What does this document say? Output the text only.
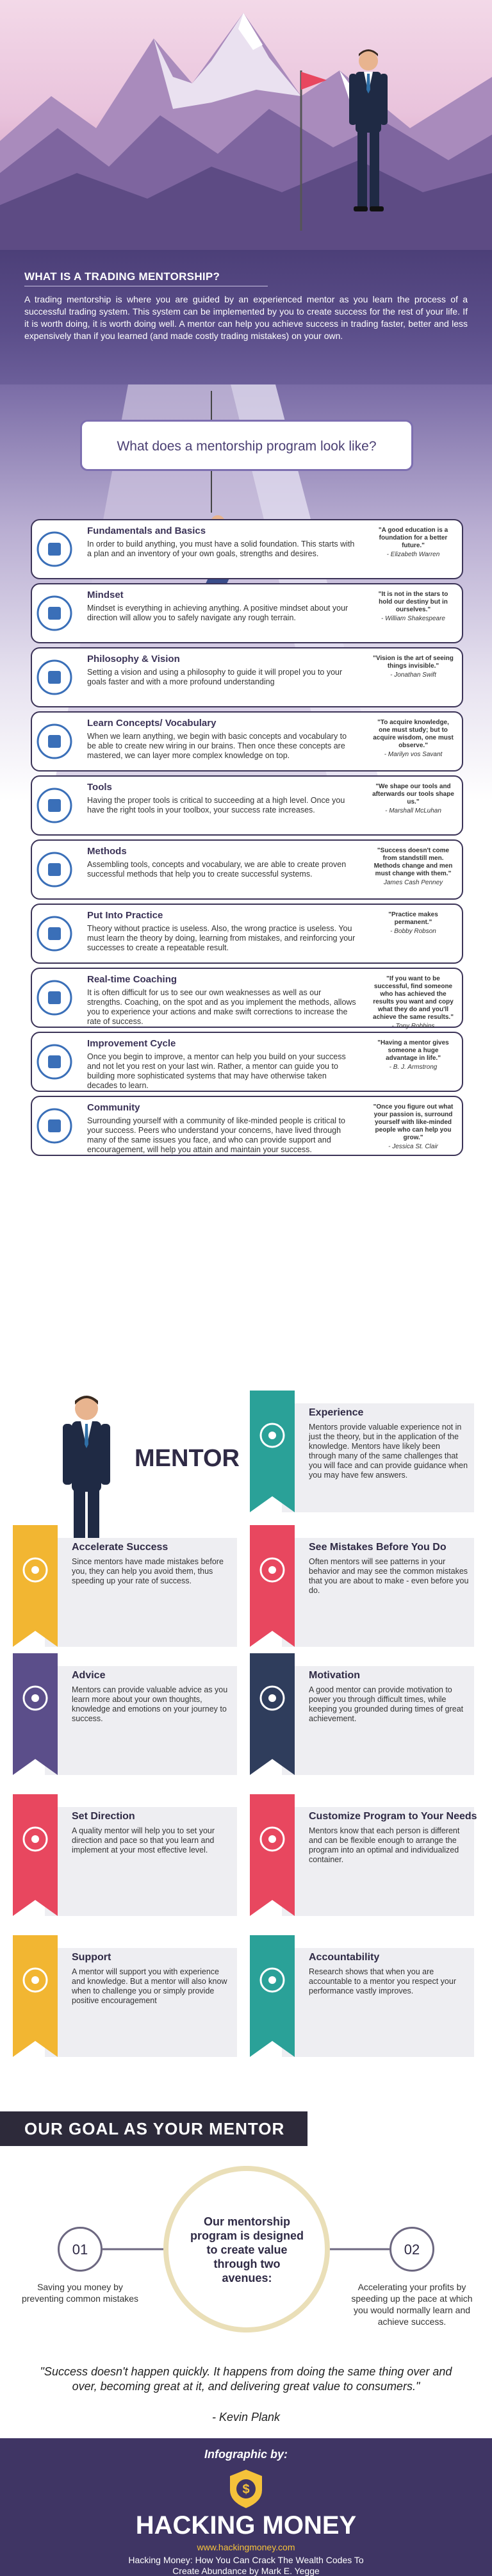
WHAT IS A TRADING MENTORSHIP?

A trading mentorship is where you are guided by an experienced mentor as you learn the process of a successful trading system. This system can be implemented by you to create success for the rest of your life. If it is worth doing, it is worth doing well. A mentor can help you achieve success in trading faster, better and less expensively than if you learned (and made costly trading mistakes) on your own.

What does a mentorship program look like?
Fundamentals and Basics
In order to build anything, you must have a solid foundation. This starts with a plan and an inventory of your own goals, strengths and desires.
"A good education is a foundation for a better future."
- Elizabeth Warren
Mindset
Mindset is everything in achieving anything. A positive mindset about your direction will allow you to safely navigate any rough terrain.
"It is not in the stars to hold our destiny but in ourselves."
- William Shakespeare
Philosophy & Vision
Setting a vision and using a philosophy to guide it will propel you to your goals faster and with a more profound understanding
"Vision is the art of seeing things invisible."
- Jonathan Swift
Learn Concepts/ Vocabulary
When we learn anything, we begin with basic concepts and vocabulary to be able to create new wiring in our brains. Then once these concepts are mastered, we can layer more complex knowledge on top.
"To acquire knowledge, one must study; but to acquire wisdom, one must observe."
- Marilyn vos Savant
Tools
Having the proper tools is critical to succeeding at a high level. Once you have the right tools in your toolbox, your success rate increases.
"We shape our tools and afterwards our tools shape us."
- Marshall McLuhan
Methods
Assembling tools, concepts and vocabulary, we are able to create proven successful methods that help you to create successful systems.
"Success doesn't come from standstill men. Methods change and men must change with them."
James Cash Penney
Put Into Practice
Theory without practice is useless. Also, the wrong practice is useless. You must learn the theory by doing, learning from mistakes, and reinforcing your successes to create a repeatable result.
"Practice makes permanent."
- Bobby Robson
Real-time Coaching
It is often difficult for us to see our own weaknesses as well as our strengths. Coaching, on the spot and as you implement the methods, allows you to experience your actions and make swift corrections to increase the rate of success.
"If you want to be successful, find someone who has achieved the results you want and copy what they do and you'll achieve the same results."
- Tony Robbins
Improvement Cycle
Once you begin to improve, a mentor can help you build on your success and not let you rest on your last win. Rather, a mentor can guide you to building more sophisticated systems that may have otherwise taken decades to learn.
"Having a mentor gives someone a huge advantage in life."
- B. J. Armstrong
Community
Surrounding yourself with a community of like-minded people is critical to your success. Peers who understand your concerns, have lived through many of the same issues you face, and who can provide support and encouragement, will help you attain and maintain your success.
"Once you figure out what your passion is, surround yourself with like-minded people who can help you grow."
- Jessica St. Clair
MENTOR
Experience
Mentors provide valuable experience not in just the theory, but in the application of the knowledge. Mentors have likely been through many of the same challenges that you will face and can provide guidance when you may have few answers.
Accelerate Success
Since mentors have made mistakes before you, they can help you avoid them, thus speeding up your rate of success.
See Mistakes Before You Do
Often mentors will see patterns in your behavior and may see the common mistakes that you are about to make - even before you do.
Advice
Mentors can provide valuable advice as you learn more about your own thoughts, knowledge and emotions on your journey to success.
Motivation
A good mentor can provide motivation to power you through difficult times, while keeping you grounded during times of great achievement.
Set Direction
A quality mentor will help you to set your direction and pace so that you learn and implement at your most effective level.
Customize Program to Your Needs
Mentors know that each person is different and can be flexible enough to arrange the program into an optimal and individualized container.
Support
A mentor will support you with experience and knowledge. But a mentor will also know when to challenge you or simply provide positive encouragement
Accountability
Research shows that when you are accountable to a mentor you respect your performance vastly improves.
OUR GOAL AS YOUR MENTOR
Our mentorship program is designed to create value through two avenues:
01
Saving you money by preventing common mistakes
02
Accelerating your profits by speeding up the pace at which you would normally learn and achieve success.
"Success doesn't happen quickly. It happens from doing the same thing over and over, becoming great at it, and delivering great value to consumers."
- Kevin Plank
Infographic by:
$
HACKING MONEY
www.hackingmoney.com
Hacking Money: How You Can Crack The Wealth Codes To
Create Abundance by Mark E. Yegge
